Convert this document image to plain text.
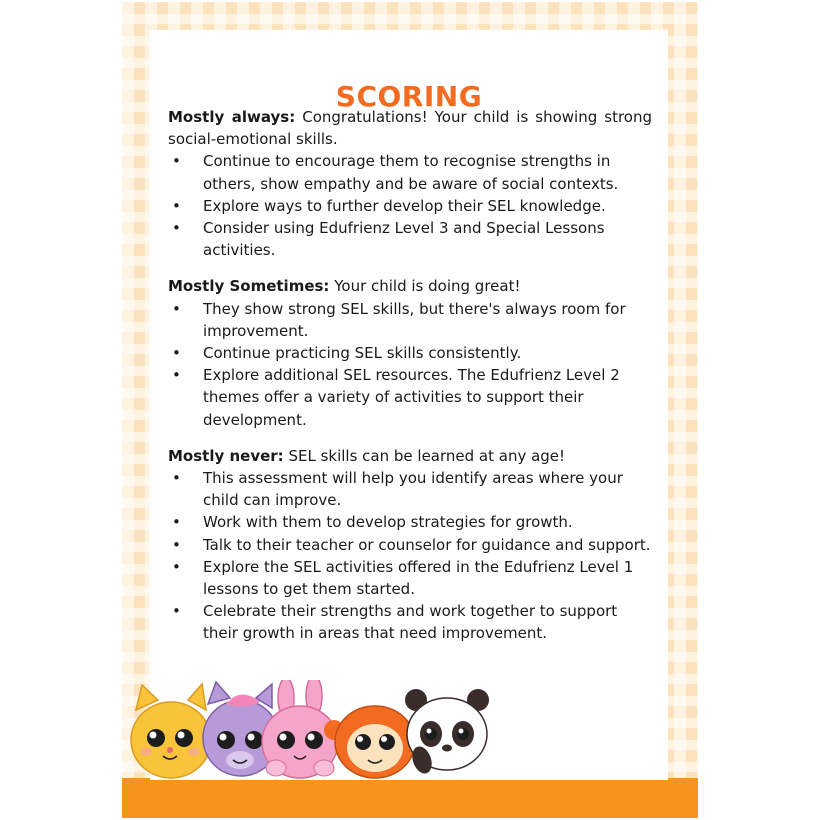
SCORING
Mostly always: Congratulations! Your child is showing strong social-emotional skills.
• Continue to encourage them to recognise strengths in others, show empathy and be aware of social contexts.
• Explore ways to further develop their SEL knowledge.
• Consider using Edufrienz Level 3 and Special Lessons activities.
Mostly Sometimes: Your child is doing great!
• They show strong SEL skills, but there's always room for improvement.
• Continue practicing SEL skills consistently.
• Explore additional SEL resources. The Edufrienz Level 2 themes offer a variety of activities to support their development.
Mostly never: SEL skills can be learned at any age!
• This assessment will help you identify areas where your child can improve.
• Work with them to develop strategies for growth.
• Talk to their teacher or counselor for guidance and support.
• Explore the SEL activities offered in the Edufrienz Level 1 lessons to get them started.
• Celebrate their strengths and work together to support their growth in areas that need improvement.
